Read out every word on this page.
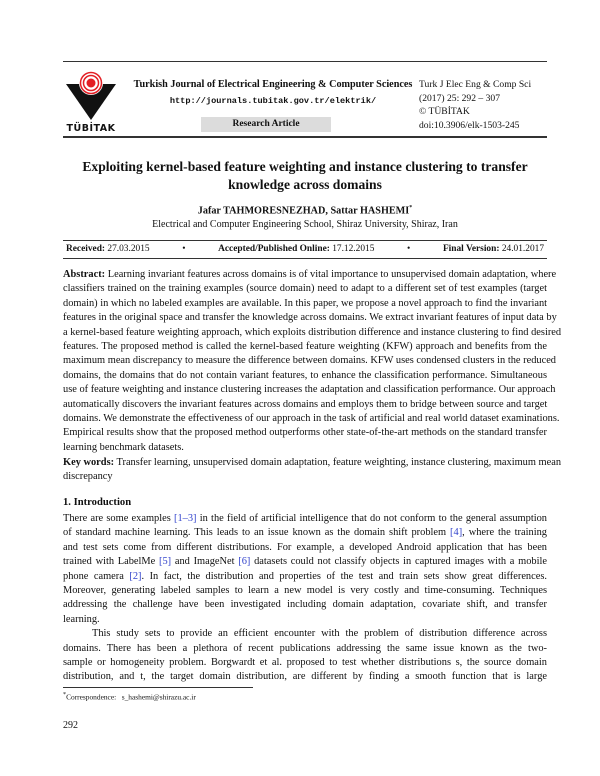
TÜBİTAK
Turkish Journal of Electrical Engineering & Computer Sciences
http://journals.tubitak.gov.tr/elektrik/
Research Article
Turk J Elec Eng & Comp Sci
(2017) 25: 292 – 307
© TÜBİTAK
doi:10.3906/elk-1503-245
Exploiting kernel-based feature weighting and instance clustering to transfer
knowledge across domains
Jafar TAHMORESNEZHAD, Sattar HASHEMI*
Electrical and Computer Engineering School, Shiraz University, Shiraz, Iran
Received: 27.03.2015	•	Accepted/Published Online: 17.12.2015	•	Final Version: 24.01.2017
Abstract: Learning invariant features across domains is of vital importance to unsupervised domain adaptation, where
classifiers trained on the training examples (source domain) need to adapt to a different set of test examples (target
domain) in which no labeled examples are available. In this paper, we propose a novel approach to find the invariant
features in the original space and transfer the knowledge across domains. We extract invariant features of input data by
a kernel-based feature weighting approach, which exploits distribution difference and instance clustering to find desired
features. The proposed method is called the kernel-based feature weighting (KFW) approach and benefits from the
maximum mean discrepancy to measure the difference between domains. KFW uses condensed clusters in the reduced
domains, the domains that do not contain variant features, to enhance the classification performance. Simultaneous
use of feature weighting and instance clustering increases the adaptation and classification performance. Our approach
automatically discovers the invariant features across domains and employs them to bridge between source and target
domains. We demonstrate the effectiveness of our approach in the task of artificial and real world dataset examinations.
Empirical results show that the proposed method outperforms other state-of-the-art methods on the standard transfer
learning benchmark datasets.
Key words: Transfer learning, unsupervised domain adaptation, feature weighting, instance clustering, maximum mean
discrepancy
1. Introduction
There are some examples [1–3] in the field of artificial intelligence that do not conform to the general assumption
of standard machine learning. This leads to an issue known as the domain shift problem [4], where the training
and test sets come from different distributions. For example, a developed Android application that has been
trained with LabelMe [5] and ImageNet [6] datasets could not classify objects in captured images with a mobile
phone camera [2]. In fact, the distribution and properties of the test and train sets show great differences.
Moreover, generating labeled samples to learn a new model is very costly and time-consuming. Techniques
addressing the challenge have been investigated including domain adaptation, covariate shift, and transfer
learning.
This study sets to provide an efficient encounter with the problem of distribution difference across
domains. There has been a plethora of recent publications addressing the same issue known as the two-
sample or homogeneity problem. Borgwardt et al. proposed to test whether distributions s, the source domain
distribution, and t, the target domain distribution, are different by finding a smooth function that is large
*Correspondence: s_hashemi@shirazu.ac.ir
292
